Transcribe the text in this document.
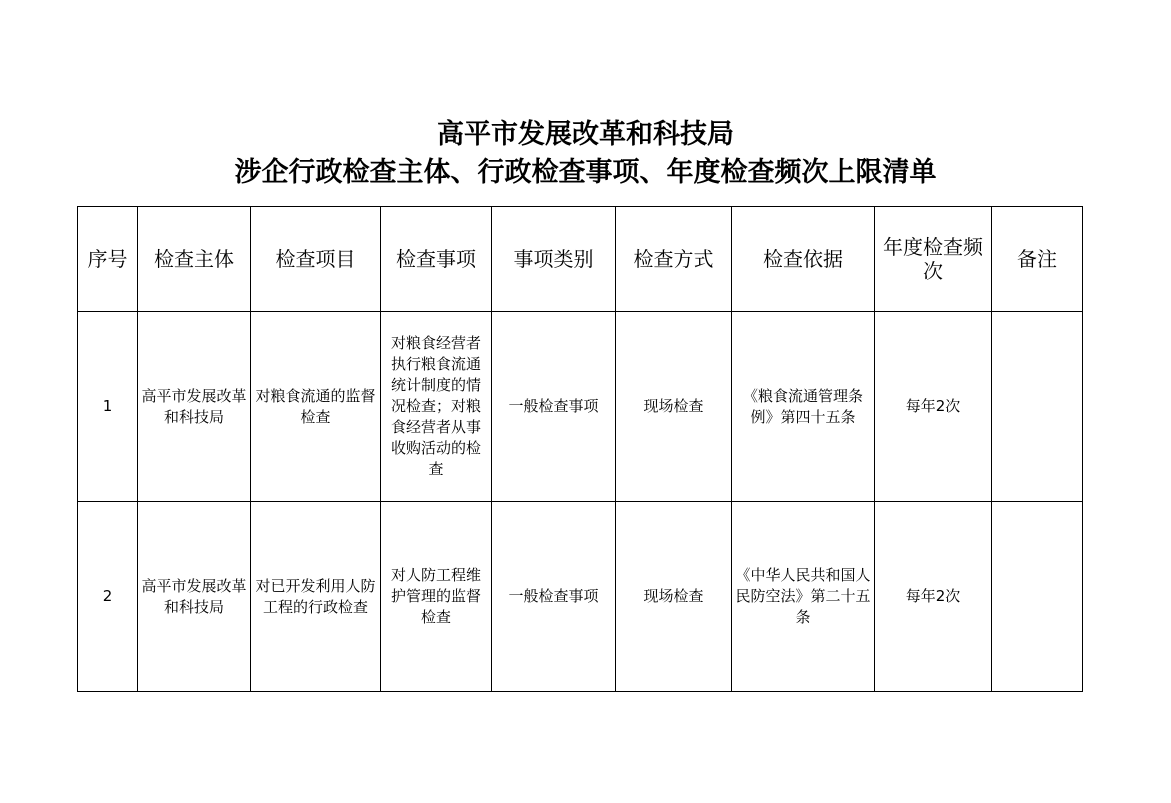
高平市发展改革和科技局
涉企行政检查主体、行政检查事项、年度检查频次上限清单
序号	检查主体	检查项目	检查事项	事项类别	检查方式	检查依据	年度检查频次	备注
1	高平市发展改革和科技局	对粮食流通的监督检查	对粮食经营者执行粮食流通统计制度的情况检查；对粮食经营者从事收购活动的检查	一般检查事项	现场检查	《粮食流通管理条例》第四十五条	每年2次	
2	高平市发展改革和科技局	对已开发利用人防工程的行政检查	对人防工程维护管理的监督检查	一般检查事项	现场检查	《中华人民共和国人民防空法》第二十五条	每年2次	
